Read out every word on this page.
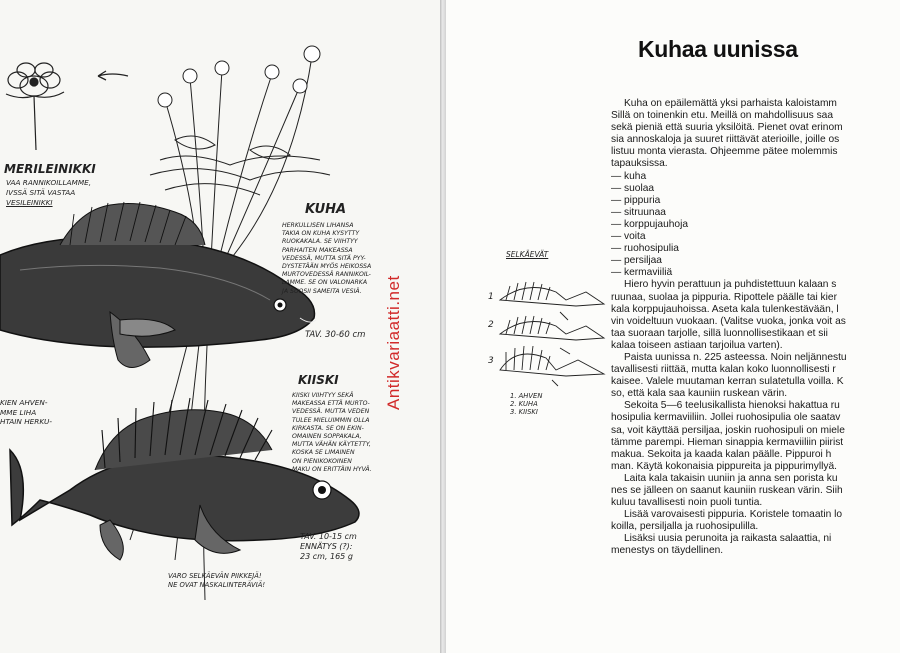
MERILEINIKKI
VAA RANNIKOILLAMME,
IVSSÄ SITÄ VASTAA
VESILEINIKKI	KUHA
HERKULLISEN LIHANSA
TAKIA ON KUHA KYSYTTY
RUOKAKALA. SE VIIHTYY
PARHAITEN MAKEASSA
VEDESSÄ, MUTTA SITÄ PYY-
DYSTETÄÄN MYÖS HEIKOSSA
MURTOVEDESSÄ RANNIKOIL-
LAMME. SE ON VALONARKA
JA SUOSII SAMEITA VESIÄ.
TAV. 30-60 cm
KIEN AHVEN-
MME LIHA
HTAIN HERKU-
KIISKI
KIISKI VIIHTYY SEKÄ
MAKEASSA ETTÄ MURTO-
VEDESSÄ. MUTTA VEDEN
TULEE MIELUIMMIN OLLA
KIRKASTA. SE ON EKIN-
OMAINEN SOPPAKALA,
MUTTA VÄHÄN KÄYTETTY,
KOSKA SE LIMAINEN
ON PIENIKOKOINEN
MAKU ON ERITTÄIN HYVÄ.
TAV. 10-15 cm
ENNÄTYS (?):
23 cm, 165 g
VARO SELKÄEVÄN PIIKKEJÄ!
NE OVAT NASKALINTERÄVIÄ!
SELKÄEVÄT
1
2
3
1. AHVEN
2. KUHA
3. KIISKI
Kuhaa uunissa

Kuha on epäilemättä yksi parhaista kaloistamm

Sillä on toinenkin etu. Meillä on mahdollisuus saa

sekä pieniä että suuria yksilöitä. Pienet ovat erinom

sia annoskaloja ja suuret riittävät aterioille, joille os

listuu monta vierasta. Ohjeemme pätee molemmis

tapauksissa.

— kuha
— suolaa
— pippuria
— sitruunaa
— korppujauhoja
— voita
— ruohosipulia
— persiljaa
— kermaviiliä

Hiero hyvin perattuun ja puhdistettuun kalaan s

ruunaa, suolaa ja pippuria. Ripottele päälle tai kier

kala korppujauhoissa. Aseta kala tulenkestävään, l

vin voideltuun vuokaan. (Valitse vuoka, jonka voit as

taa suoraan tarjolle, sillä luonnollisestikaan et sii

kalaa toiseen astiaan tarjoilua varten).

Paista uunissa n. 225 asteessa. Noin neljännestu

tavallisesti riittää, mutta kalan koko luonnollisesti r

kaisee. Valele muutaman kerran sulatetulla voilla. K

so, että kala saa kauniin ruskean värin.

Sekoita 5—6 teelusikallista hienoksi hakattua ru

hosipulia kermaviiliin. Jollei ruohosipulia ole saatav

sa, voit käyttää persiljaa, joskin ruohosipuli on miele

tämme parempi. Hieman sinappia kermaviiliin piirist

makua. Sekoita ja kaada kalan päälle. Pippuroi h

man. Käytä kokonaisia pippureita ja pippurimyllyä.

Laita kala takaisin uuniin ja anna sen porista ku

nes se jälleen on saanut kauniin ruskean värin. Siih

kuluu tavallisesti noin puoli tuntia.

Lisää varovaisesti pippuria. Koristele tomaatin lo

koilla, persiljalla ja ruohosipulilla.

Lisäksi uusia perunoita ja raikasta salaattia, ni

menestys on täydellinen.

Antikvariaatti.net
